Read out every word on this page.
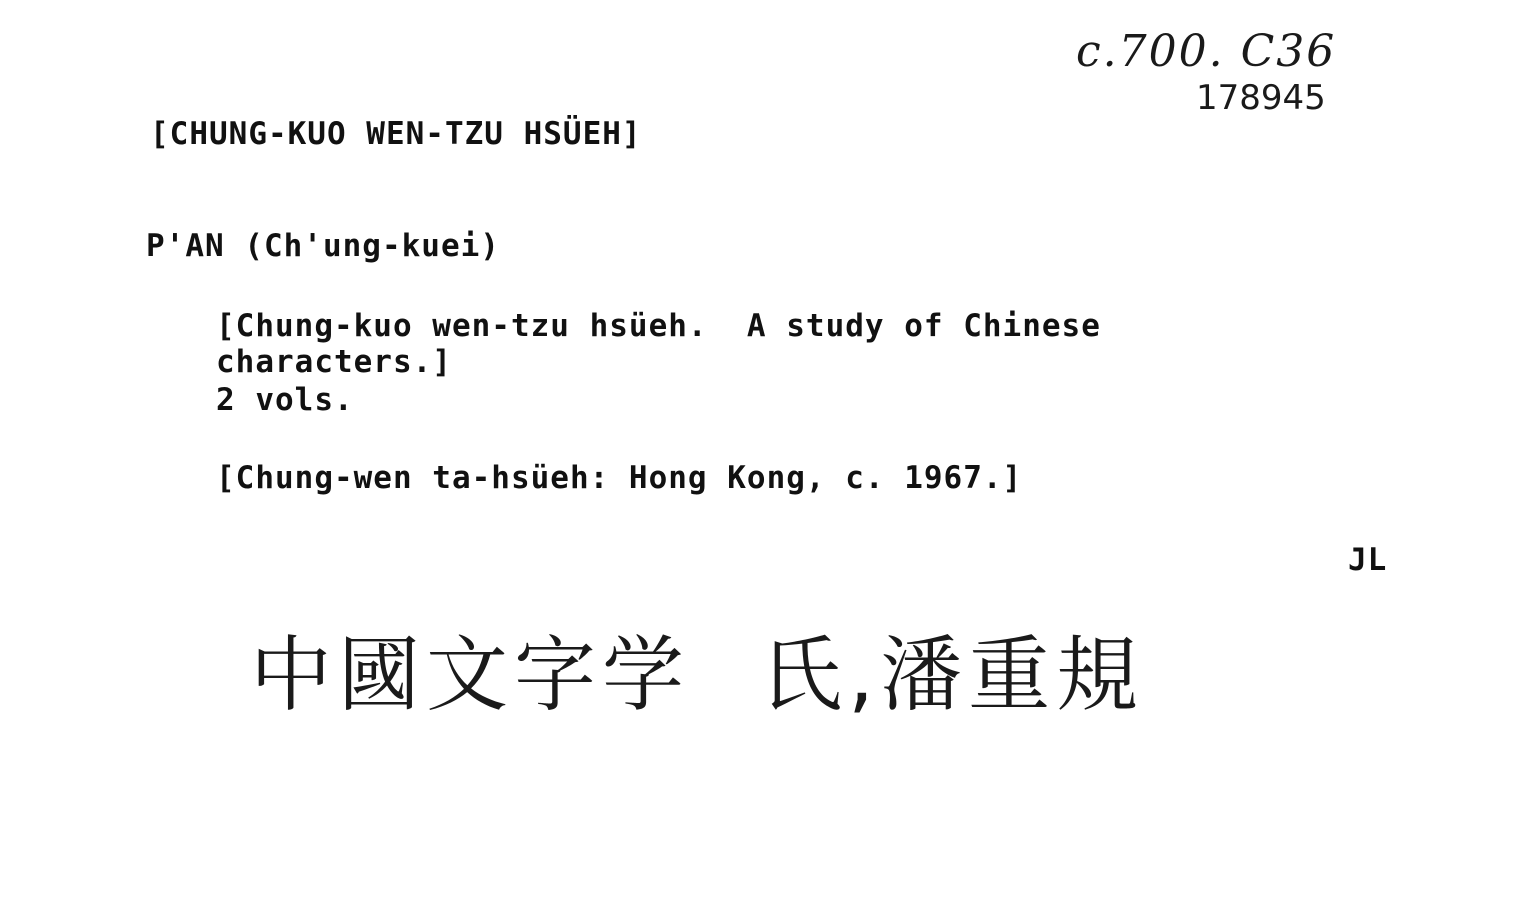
c.700. C36
178945
[CHUNG-KUO WEN-TZU HSÜEH]
P'AN (Ch'ung-kuei)
[Chung-kuo wen-tzu hsüeh.  A study of Chinese
characters.]
2 vols.
[Chung-wen ta-hsüeh: Hong Kong, c. 1967.]
JL
中國文字学 氏,潘重規
